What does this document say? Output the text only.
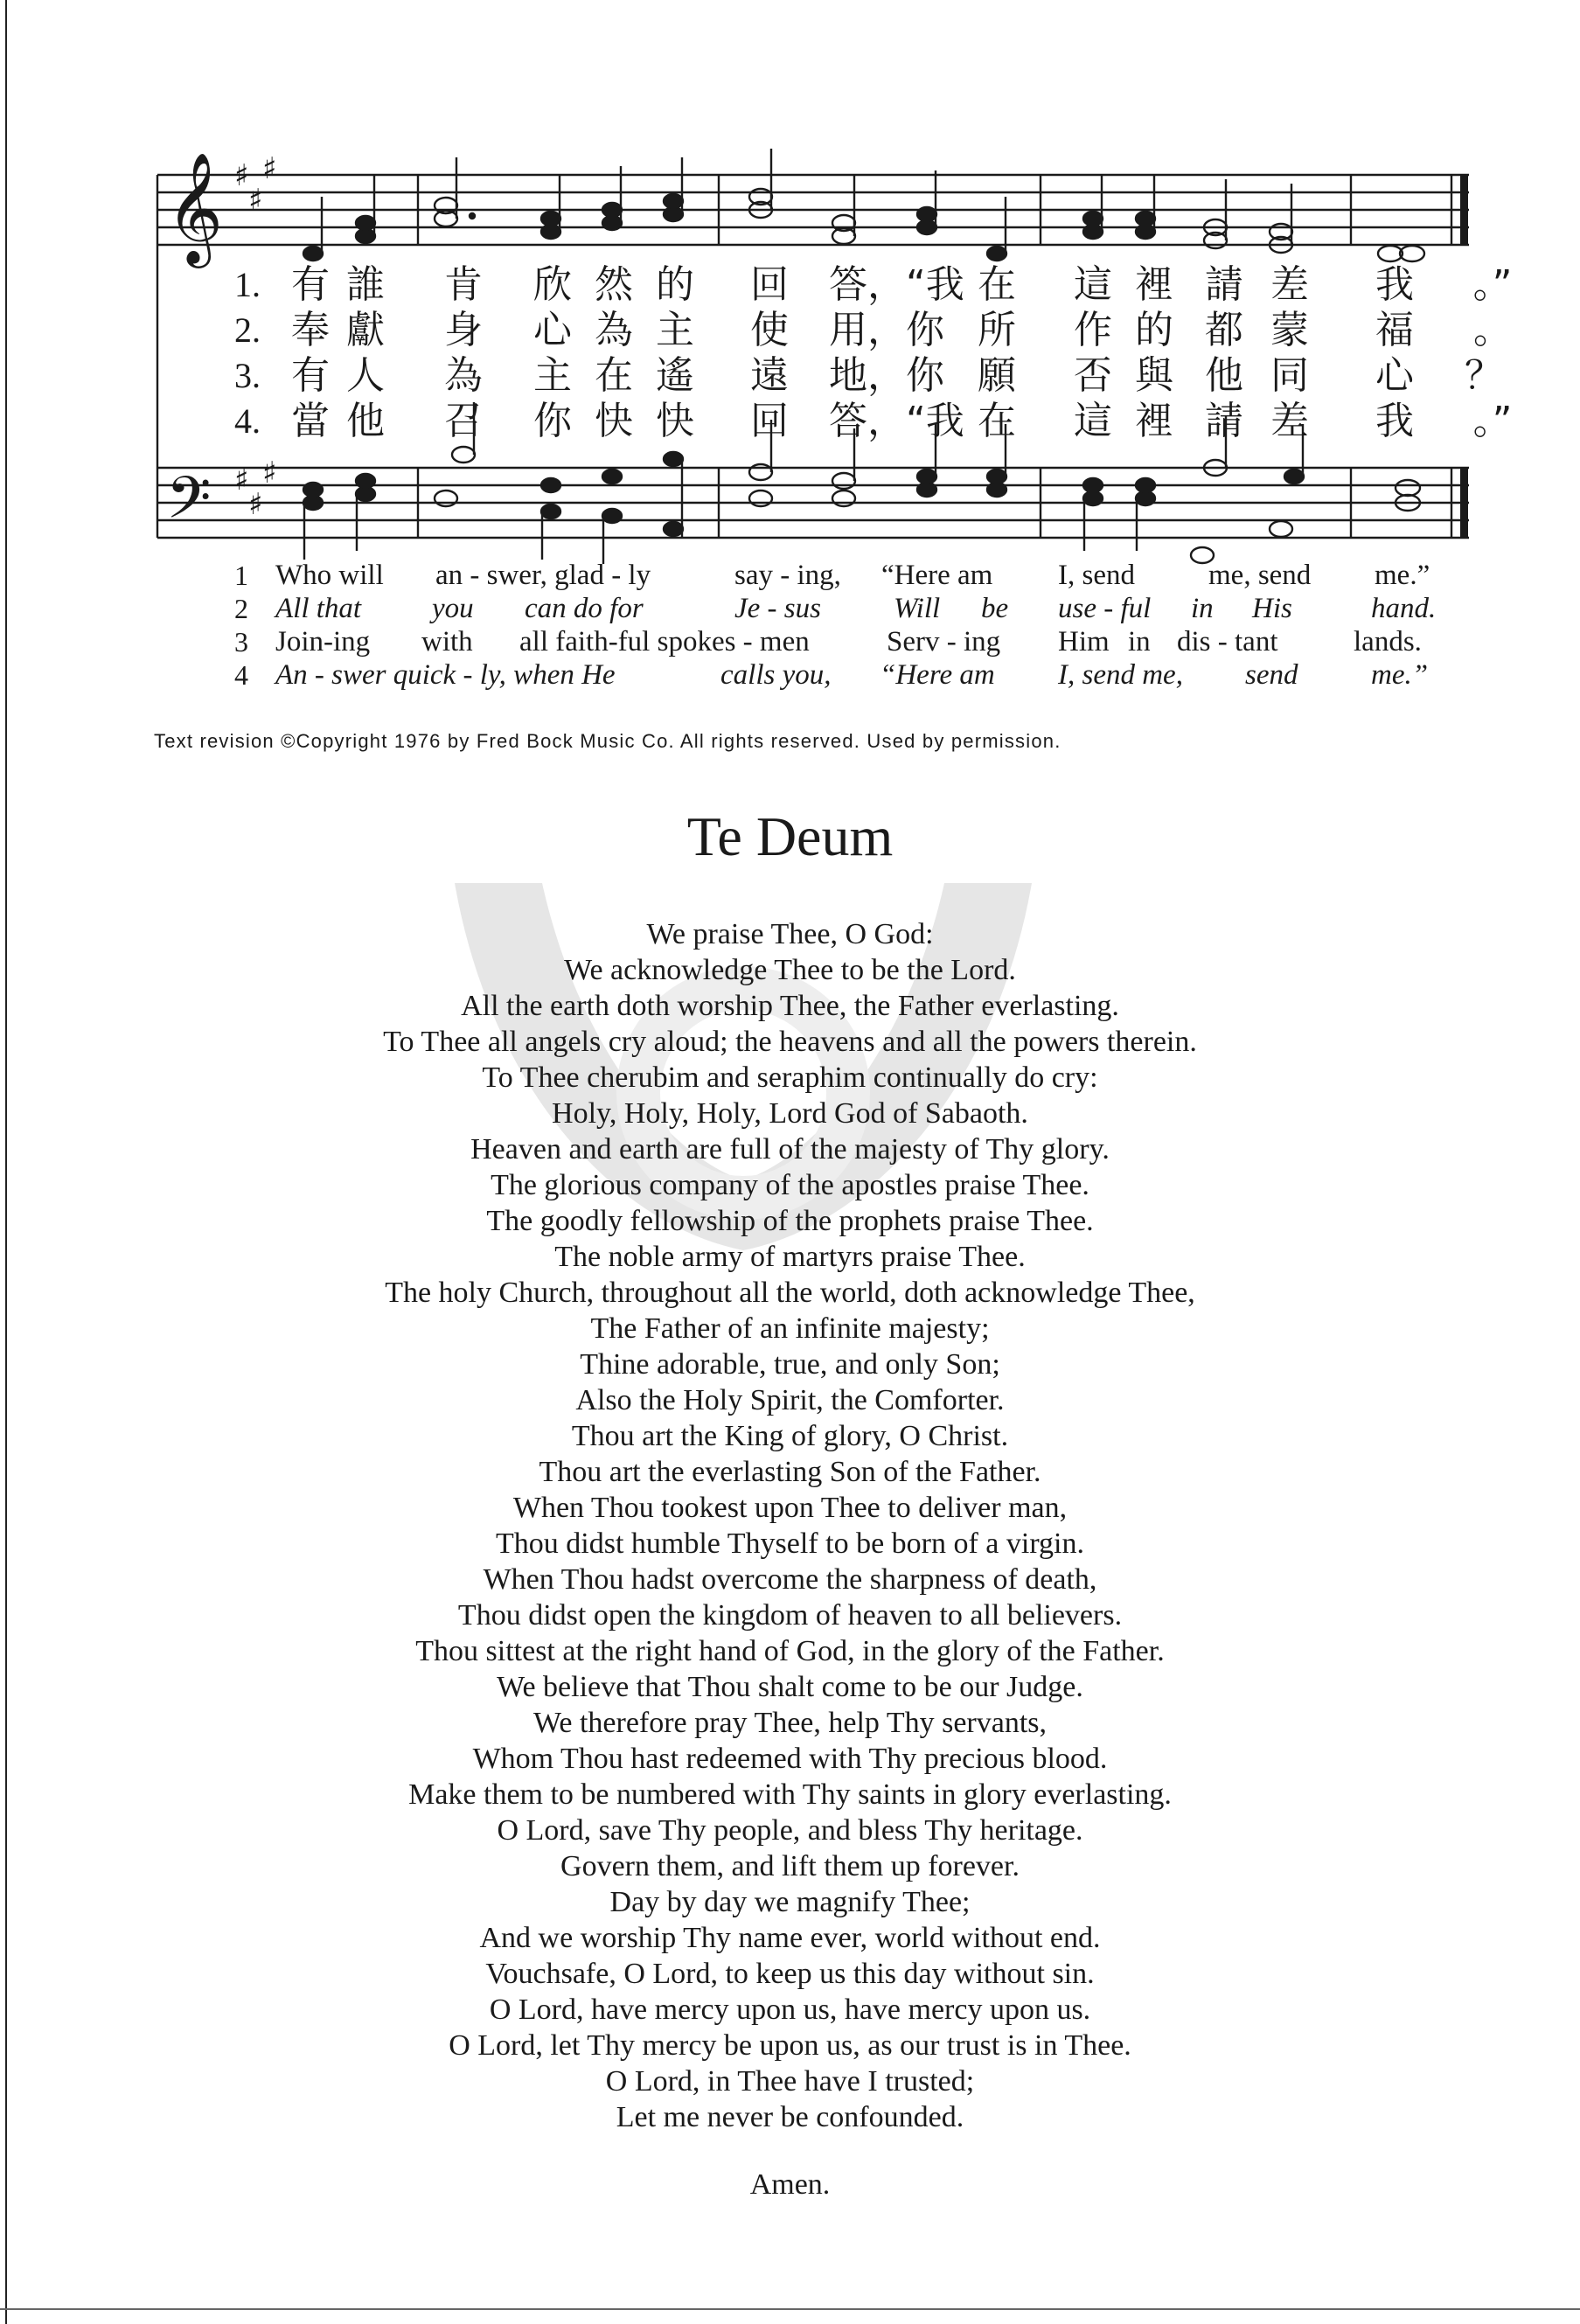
𝄞
𝄢
♯
♯
♯
♯
♯
♯
1. 有 誰 肯 欣 然 的 回 答，“我 在 這 裡 請 差 我	。”
2. 奉 獻 身 心 為 主 使 用，你 所 作 的 都 蒙 福	。
3. 有 人 為 主 在 遙 遠 地，你 願 否 與 他 同 心	？
4. 當 他 召 你 快 快 回 答，“我 在 這 裡 請 差 我	。”
1 Who will an - swer, glad - ly	say - ing, “Here am I, send	me, send me.”
2 All that you can do for	Je - sus	Will be use - ful in His	hand.
3 Join-ing with all faith-ful spokes - men	Serv - ing Him in dis - tant	lands.
4 An - swer quick - ly, when He	calls you, “Here am I, send me, send	me.”
Text revision ©Copyright 1976 by Fred Bock Music Co. All rights reserved. Used by permission.
Te Deum
We praise Thee, O God:
We acknowledge Thee to be the Lord.
All the earth doth worship Thee, the Father everlasting.
To Thee all angels cry aloud; the heavens and all the powers therein.
To Thee cherubim and seraphim continually do cry:
Holy, Holy, Holy, Lord God of Sabaoth.
Heaven and earth are full of the majesty of Thy glory.
The glorious company of the apostles praise Thee.
The goodly fellowship of the prophets praise Thee.
The noble army of martyrs praise Thee.
The holy Church, throughout all the world, doth acknowledge Thee,
The Father of an infinite majesty;
Thine adorable, true, and only Son;
Also the Holy Spirit, the Comforter.
Thou art the King of glory, O Christ.
Thou art the everlasting Son of the Father.
When Thou tookest upon Thee to deliver man,
Thou didst humble Thyself to be born of a virgin.
When Thou hadst overcome the sharpness of death,
Thou didst open the kingdom of heaven to all believers.
Thou sittest at the right hand of God, in the glory of the Father.
We believe that Thou shalt come to be our Judge.
We therefore pray Thee, help Thy servants,
Whom Thou hast redeemed with Thy precious blood.
Make them to be numbered with Thy saints in glory everlasting.
O Lord, save Thy people, and bless Thy heritage.
Govern them, and lift them up forever.
Day by day we magnify Thee;
And we worship Thy name ever, world without end.
Vouchsafe, O Lord, to keep us this day without sin.
O Lord, have mercy upon us, have mercy upon us.
O Lord, let Thy mercy be upon us, as our trust is in Thee.
O Lord, in Thee have I trusted;
Let me never be confounded.
Amen.
